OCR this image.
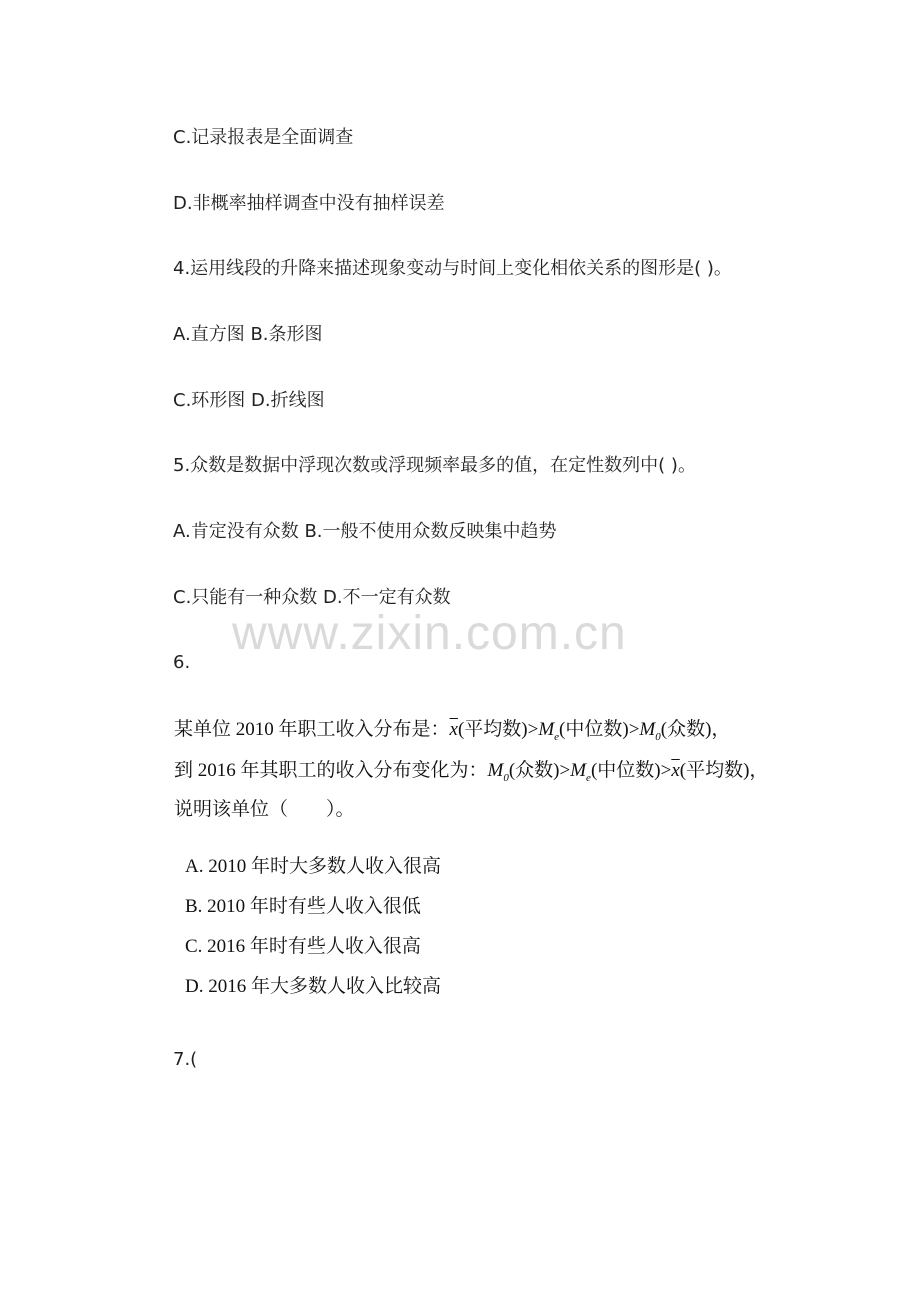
C.记录报表是全面调查
D.非概率抽样调查中没有抽样误差
4.运用线段的升降来描述现象变动与时间上变化相依关系的图形是( )。
A.直方图 B.条形图
C.环形图 D.折线图
5.众数是数据中浮现次数或浮现频率最多的值，在定性数列中( )。
A.肯定没有众数 B.一般不使用众数反映集中趋势
C.只能有一种众数 D.不一定有众数
www.zixin.com.cn
6.
某单位 2010 年职工收入分布是：$\overline{x}$(平均数)$>M_e$(中位数)$>M_0$(众数)，
到 2016 年其职工的收入分布变化为：$M_0$(众数)$>M_e$(中位数)$>\overline{x}$(平均数)，
说明该单位（　　）。
A. 2010 年时大多数人收入很高
B. 2010 年时有些人收入很低
C. 2016 年时有些人收入很高
D. 2016 年大多数人收入比较高
7.(
